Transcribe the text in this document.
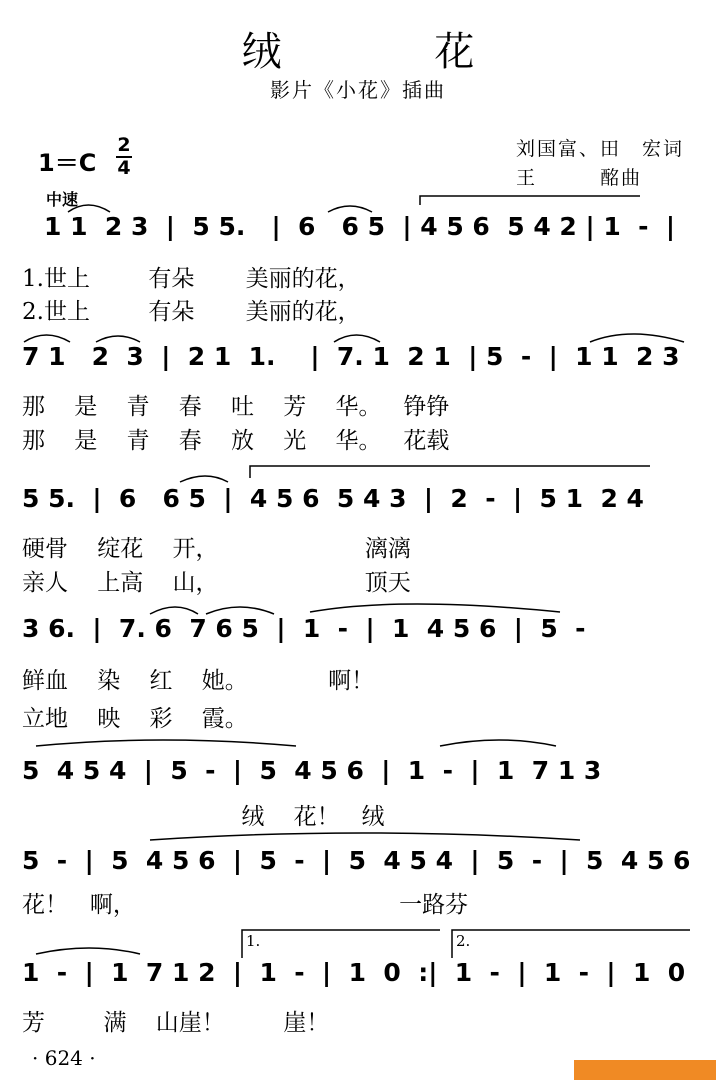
绒 花
影片《小花》插曲
1＝C
2
4
中速
刘国富、田　宏词
王　　　酩曲
1 1  2 3  |  5 5.   |  6   6 5  | 4 5 6  5 4 2 | 1  -  |
1.世上        有朵       美丽的花，
2.世上        有朵       美丽的花，
7 1   2  3  |  2 1  1.    |  7. 1  2 1  | 5  -  |  1 1  2 3
那    是    青    春    吐    芳    华。   铮铮
那    是    青    春    放    光    华。   花载
5 5.  |  6   6 5  |  4 5 6  5 4 3  |  2  -  |  5 1  2 4
硬骨    绽花    开，                    漓漓
亲人    上高    山，                    顶天
3 6.  |  7. 6  7 6 5  |  1  -  |  1  4 5 6  |  5  -
鲜血    染    红    她。           啊！
立地    映    彩    霞。
5  4 5 4  |  5  -  |  5  4 5 6  |  1  -  |  1  7 1 3
绒    花！   绒
5  -  |  5  4 5 6  |  5  -  |  5  4 5 4  |  5  -  |  5  4 5 6
花！   啊，                                    一路芬
1  -  |  1  7 1 2  |  1  -  |  1  0  :|  1  -  |  1  -  |  1  0
1.	2.
芳        满    山崖！        崖！
· 624 ·
